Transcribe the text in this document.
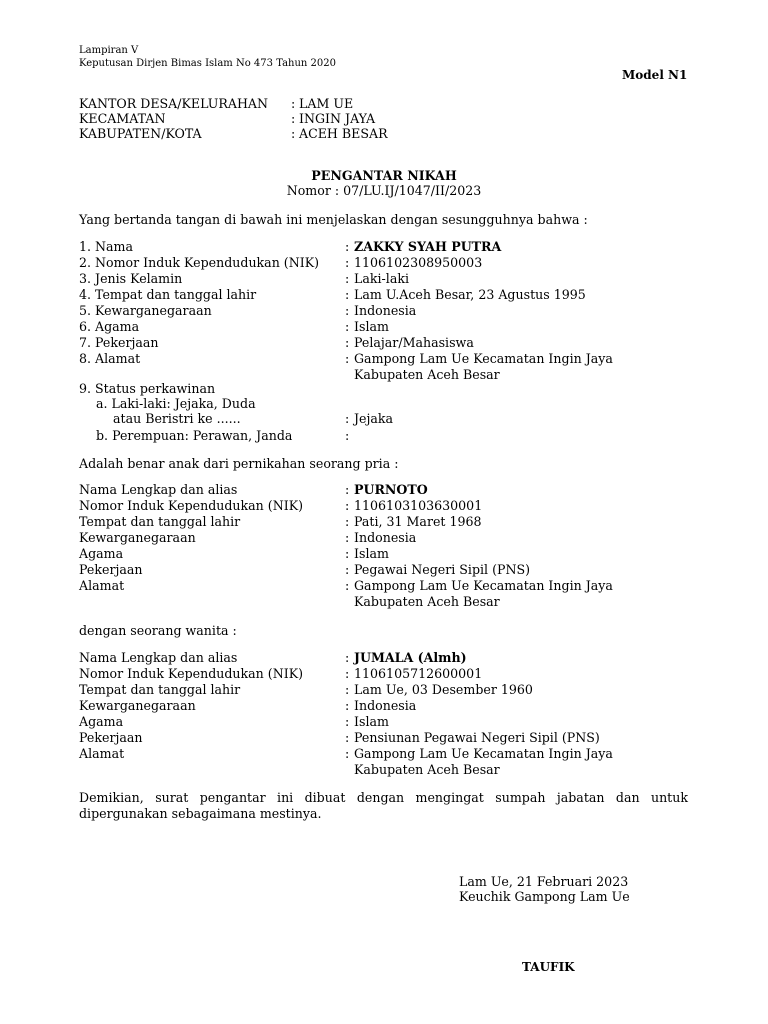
Lampiran V
Keputusan Dirjen Bimas Islam No 473 Tahun 2020
Model N1
KANTOR DESA/KELURAHAN : LAM UE
KECAMATAN	: INGIN JAYA
KABUPATEN/KOTA	: ACEH BESAR
PENGANTAR NIKAH
Nomor : 07/LU.IJ/1047/II/2023
Yang bertanda tangan di bawah ini menjelaskan dengan sesungguhnya bahwa :
1. Nama	: ZAKKY SYAH PUTRA
2. Nomor Induk Kependudukan (NIK) : 1106102308950003
3. Jenis Kelamin	: Laki-laki
4. Tempat dan tanggal lahir	: Lam U.Aceh Besar, 23 Agustus 1995
5. Kewarganegaraan	: Indonesia
6. Agama	: Islam
7. Pekerjaan	: Pelajar/Mahasiswa
8. Alamat	: Gampong Lam Ue Kecamatan Ingin Jaya
Kabupaten Aceh Besar
9. Status perkawinan
a. Laki-laki: Jejaka, Duda
atau Beristri ke ......	: Jejaka
b. Perempuan: Perawan, Janda	:
Adalah benar anak dari pernikahan seorang pria :
Nama Lengkap dan alias	: PURNOTO
Nomor Induk Kependudukan (NIK)	: 1106103103630001
Tempat dan tanggal lahir	: Pati, 31 Maret 1968
Kewarganegaraan	: Indonesia
Agama	: Islam
Pekerjaan	: Pegawai Negeri Sipil (PNS)
Alamat	: Gampong Lam Ue Kecamatan Ingin Jaya
Kabupaten Aceh Besar
dengan seorang wanita :
Nama Lengkap dan alias	: JUMALA (Almh)
Nomor Induk Kependudukan (NIK)	: 1106105712600001
Tempat dan tanggal lahir	: Lam Ue, 03 Desember 1960
Kewarganegaraan	: Indonesia
Agama	: Islam
Pekerjaan	: Pensiunan Pegawai Negeri Sipil (PNS)
Alamat	: Gampong Lam Ue Kecamatan Ingin Jaya
Kabupaten Aceh Besar
Demikian, surat pengantar ini dibuat dengan mengingat sumpah jabatan dan untuk dipergunakan sebagaimana mestinya.
Lam Ue, 21 Februari 2023
Keuchik Gampong Lam Ue
TAUFIK
